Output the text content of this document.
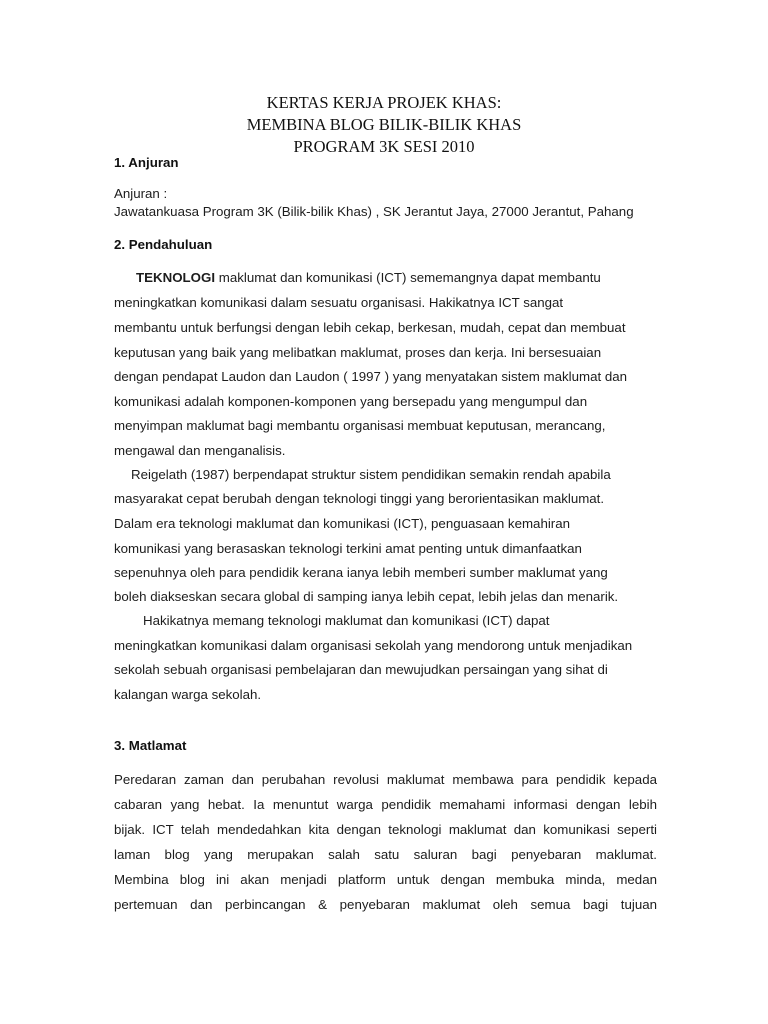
KERTAS KERJA PROJEK KHAS:
MEMBINA BLOG BILIK-BILIK KHAS
PROGRAM 3K SESI 2010
1. Anjuran
Anjuran :
Jawatankuasa Program 3K (Bilik-bilik Khas) , SK Jerantut Jaya, 27000 Jerantut, Pahang
2. Pendahuluan
TEKNOLOGI maklumat dan komunikasi (ICT) sememangnya dapat membantu
meningkatkan komunikasi dalam sesuatu organisasi. Hakikatnya ICT sangat
membantu untuk berfungsi dengan lebih cekap, berkesan, mudah, cepat dan membuat
keputusan yang baik yang melibatkan maklumat, proses dan kerja. Ini bersesuaian
dengan pendapat Laudon dan Laudon ( 1997 ) yang menyatakan sistem maklumat dan
komunikasi adalah komponen-komponen yang bersepadu yang mengumpul dan
menyimpan maklumat bagi membantu organisasi membuat keputusan, merancang,
mengawal dan menganalisis.
Reigelath (1987) berpendapat struktur sistem pendidikan semakin rendah apabila
masyarakat cepat berubah dengan teknologi tinggi yang berorientasikan maklumat.
Dalam era teknologi maklumat dan komunikasi (ICT), penguasaan kemahiran
komunikasi yang berasaskan teknologi terkini amat penting untuk dimanfaatkan
sepenuhnya oleh para pendidik kerana ianya lebih memberi sumber maklumat yang
boleh diakseskan secara global di samping ianya lebih cepat, lebih jelas dan menarik.
Hakikatnya memang teknologi maklumat dan komunikasi (ICT) dapat
meningkatkan komunikasi dalam organisasi sekolah yang mendorong untuk menjadikan
sekolah sebuah organisasi pembelajaran dan mewujudkan persaingan yang sihat di
kalangan warga sekolah.
3. Matlamat
Peredaran zaman dan perubahan revolusi maklumat membawa para pendidik kepada
cabaran yang hebat. Ia menuntut warga pendidik memahami informasi dengan lebih
bijak. ICT telah mendedahkan kita dengan teknologi maklumat dan komunikasi seperti
laman blog yang merupakan salah satu saluran bagi penyebaran maklumat.
Membina blog ini akan menjadi platform untuk dengan membuka minda, medan
pertemuan dan perbincangan & penyebaran maklumat oleh semua bagi tujuan
